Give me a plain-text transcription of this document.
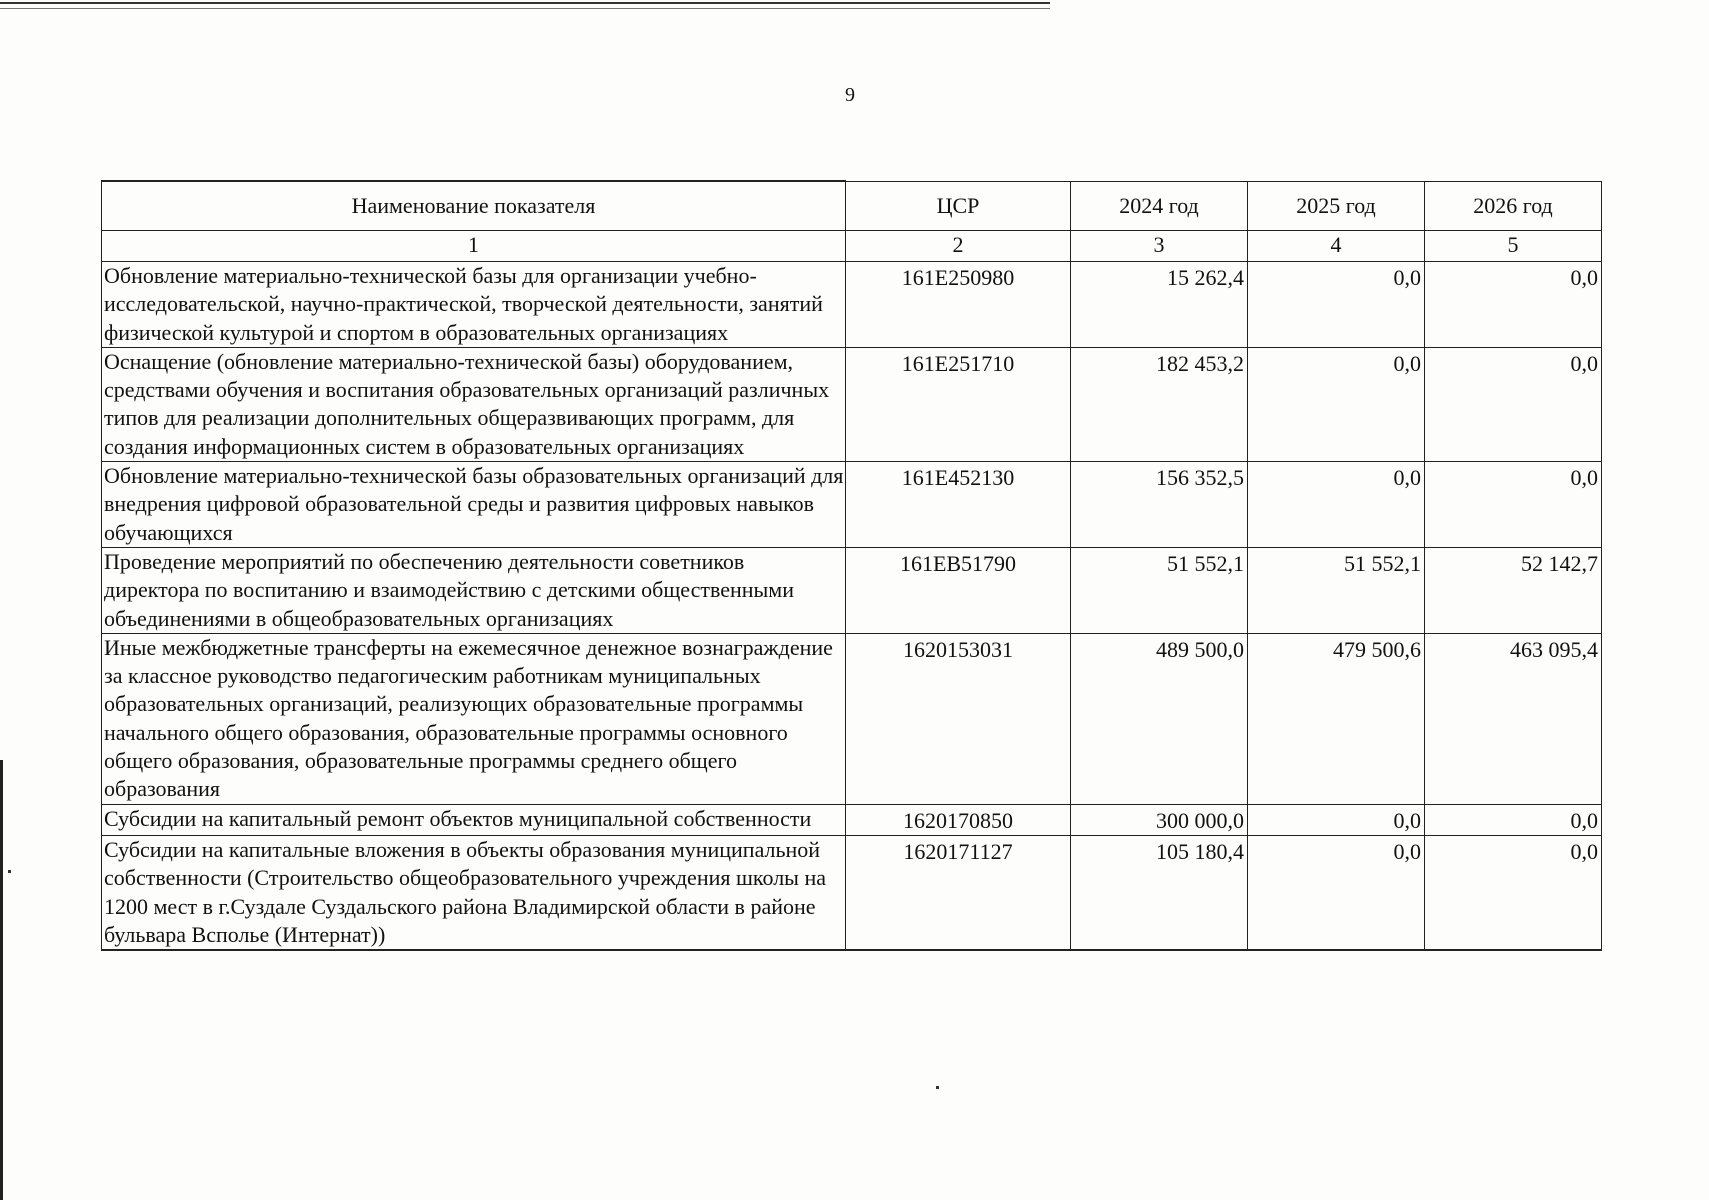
9
Наименование показателя	ЦСР	2024 год	2025 год	2026 год
1	2	3	4	5
Обновление материально-технической базы для организации учебно-исследовательской, научно-практической, творческой деятельности, занятий физической культурой и спортом в образовательных организациях	161E250980	15 262,4	0,0	0,0
Оснащение (обновление материально-технической базы) оборудованием, средствами обучения и воспитания образовательных организаций различных типов для реализации дополнительных общеразвивающих программ, для создания информационных систем в образовательных организациях	161E251710	182 453,2	0,0	0,0
Обновление материально-технической базы образовательных организаций для внедрения цифровой образовательной среды и развития цифровых навыков обучающихся	161E452130	156 352,5	0,0	0,0
Проведение мероприятий по обеспечению деятельности советников директора по воспитанию и взаимодействию с детскими общественными объединениями в общеобразовательных организациях	161EB51790	51 552,1	51 552,1	52 142,7
Иные межбюджетные трансферты на ежемесячное денежное вознаграждение за классное руководство педагогическим работникам муниципальных образовательных организаций, реализующих образовательные программы начального общего образования, образовательные программы основного общего образования, образовательные программы среднего общего образования	1620153031	489 500,0	479 500,6	463 095,4
Субсидии на капитальный ремонт объектов муниципальной собственности	1620170850	300 000,0	0,0	0,0
Субсидии на капитальные вложения в объекты образования муниципальной собственности (Строительство общеобразовательного учреждения школы на 1200 мест в г.Суздале Суздальского района Владимирской области в районе бульвара Всполье (Интернат))	1620171127	105 180,4	0,0	0,0
